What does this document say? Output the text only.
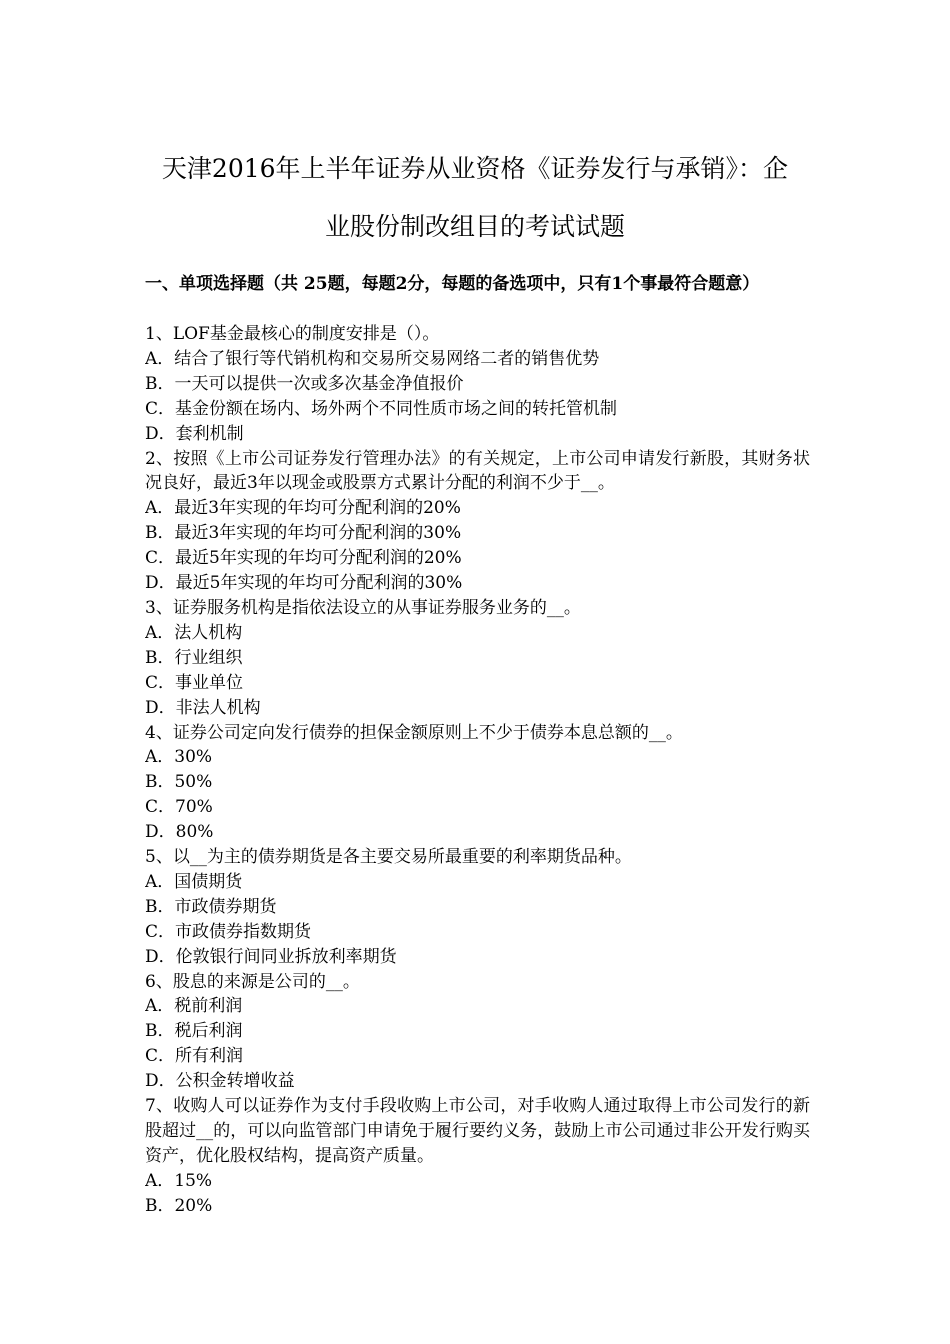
天津2016年上半年证券从业资格《证券发行与承销》：企
业股份制改组目的考试试题
一、单项选择题（共 25题，每题2分，每题的备选项中，只有1个事最符合题意）
1、LOF基金最核心的制度安排是（）。
A．结合了银行等代销机构和交易所交易网络二者的销售优势
B．一天可以提供一次或多次基金净值报价
C．基金份额在场内、场外两个不同性质市场之间的转托管机制
D．套利机制
2、按照《上市公司证券发行管理办法》的有关规定，上市公司申请发行新股，其财务状况良好，最近3年以现金或股票方式累计分配的利润不少于__。
A．最近3年实现的年均可分配利润的20%
B．最近3年实现的年均可分配利润的30%
C．最近5年实现的年均可分配利润的20%
D．最近5年实现的年均可分配利润的30%
3、证券服务机构是指依法设立的从事证券服务业务的__。
A．法人机构
B．行业组织
C．事业单位
D．非法人机构
4、证券公司定向发行债券的担保金额原则上不少于债券本息总额的__。
A．30%
B．50%
C．70%
D．80%
5、以__为主的债券期货是各主要交易所最重要的利率期货品种。
A．国债期货
B．市政债券期货
C．市政债券指数期货
D．伦敦银行间同业拆放利率期货
6、股息的来源是公司的__。
A．税前利润
B．税后利润
C．所有利润
D．公积金转增收益
7、收购人可以证券作为支付手段收购上市公司，对手收购人通过取得上市公司发行的新股超过__的，可以向监管部门申请免于履行要约义务，鼓励上市公司通过非公开发行购买资产，优化股权结构，提高资产质量。
A．15%
B．20%
